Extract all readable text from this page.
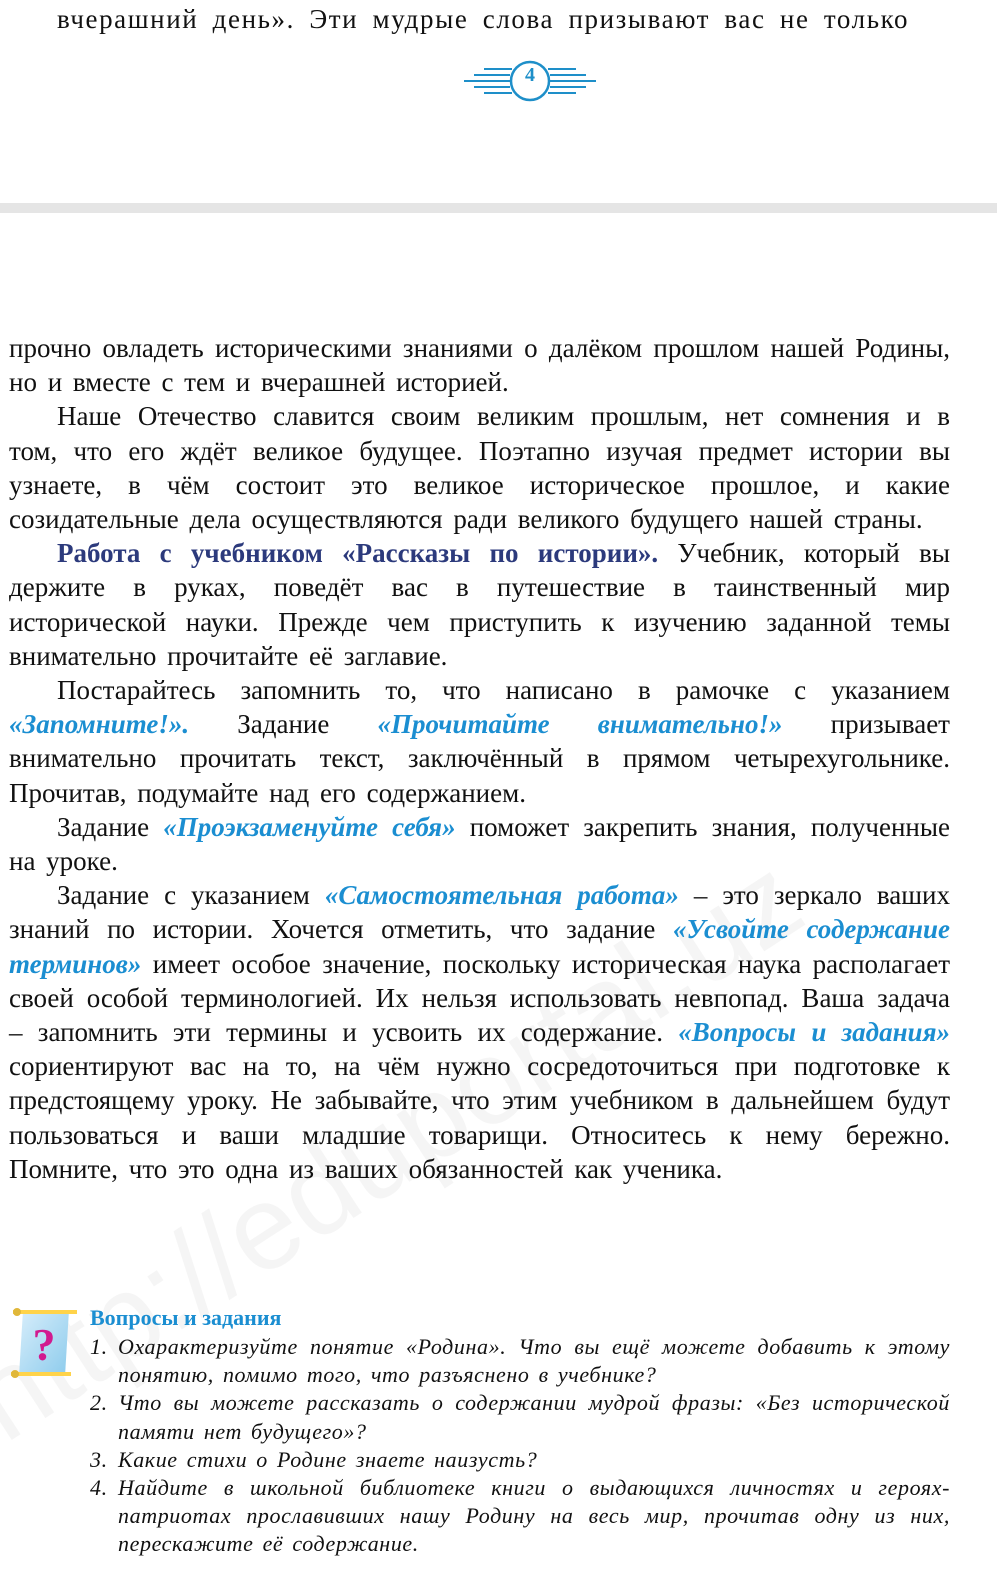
вчерашний день». Эти мудрые слова призывают вас не только
4

прочно овладеть историческими знаниями о далёком прошлом нашей Родины, но и вместе с тем и вчерашней историей.

Наше Отечество славится своим великим прошлым, нет сомнения и в том, что его ждёт великое будущее. Поэтапно изучая предмет истории вы узнаете, в чём состоит это великое историческое прошлое, и какие созидательные дела осуществляются ради великого будущего нашей страны.

Работа с учебником «Рассказы по истории». Учебник, который вы держите в руках, поведёт вас в путешествие в таинственный мир исторической науки. Прежде чем приступить к изучению заданной темы внимательно прочитайте её заглавие.

Постарайтесь запомнить то, что написано в рамочке с указанием «Запомните!». Задание «Прочитайте внимательно!» призывает внимательно прочитать текст, заключённый в прямом четырехугольнике. Прочитав, подумайте над его содержанием.

Задание «Проэкзаменуйте себя» поможет закрепить знания, полученные на уроке.

Задание с указанием «Самостоятельная работа» – это зеркало ваших знаний по истории. Хочется отметить, что задание «Усвойте содержание терминов» имеет особое значение, поскольку историческая наука располагает своей особой терминологией. Их нельзя использовать невпопад. Ваша задача – запомнить эти термины и усвоить их содержание. «Вопросы и задания» сориентируют вас на то, на чём нужно сосредоточиться при подготовке к предстоящему уроку. Не забывайте, что этим учебником в дальнейшем будут пользоваться и ваши младшие товарищи. Относитесь к нему бережно. Помните, что это одна из ваших обязанностей как ученика.

?
Вопросы и задания
1. Охарактеризуйте понятие «Родина». Что вы ещё можете добавить к этому понятию, помимо того, что разъяснено в учебнике?
2. Что вы можете рассказать о содержании мудрой фразы: «Без исторической памяти нет будущего»?
3. Какие стихи о Родине знаете наизусть?
4. Найдите в школьной библиотеке книги о выдающихся личностях и героях-патриотах прославивших нашу Родину на весь мир, прочитав одну из них, перескажите её содержание.
